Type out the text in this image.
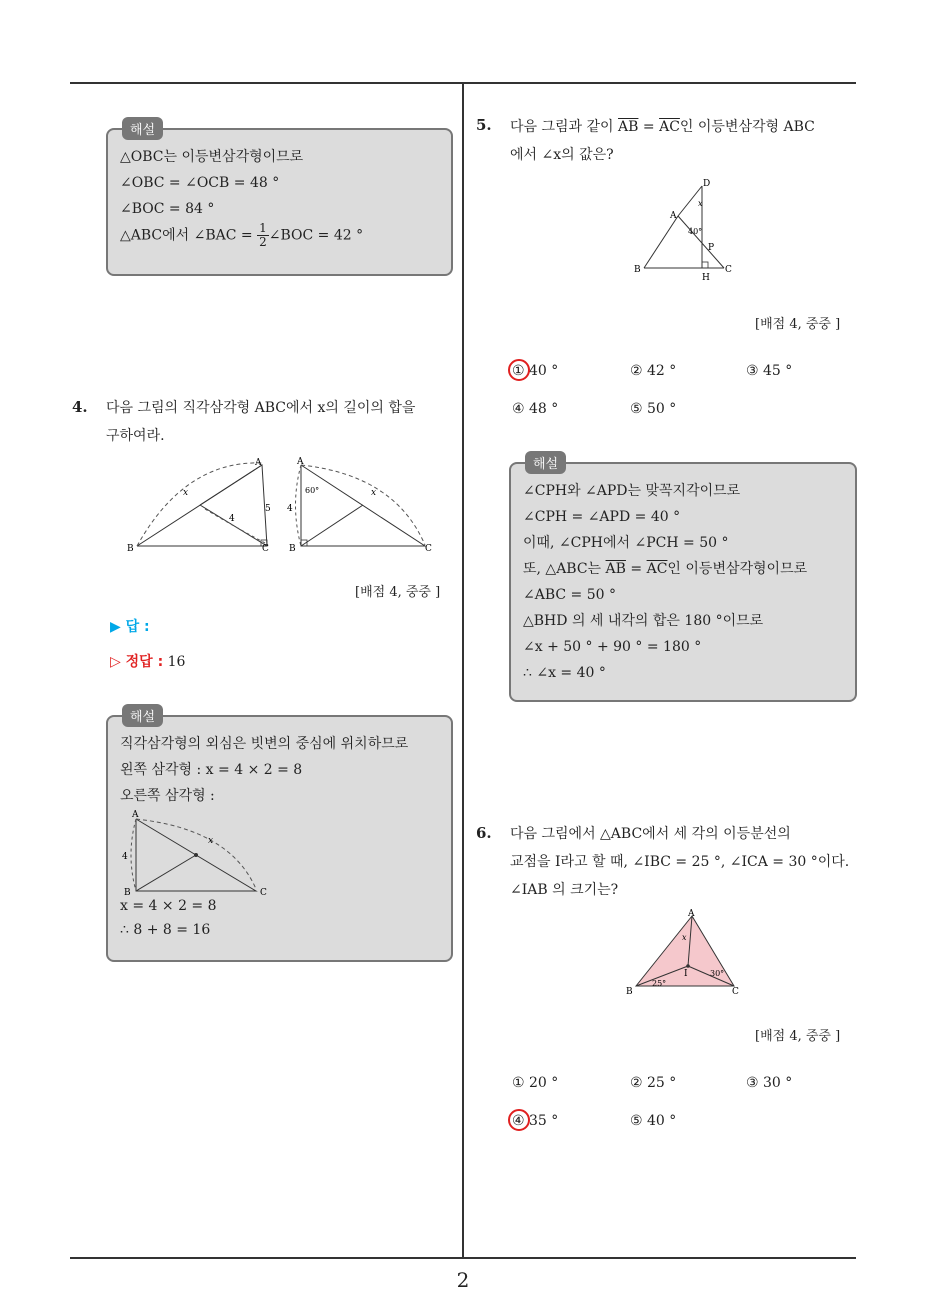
2
해설
△OBC는 이등변삼각형이므로
∠OBC = ∠OCB = 48 °
∠BOC = 84 °
△ABC에서 ∠BAC = $\frac{1}{2}$ ∠BOC = 42 °
4. 다음 그림의 직각삼각형 ABC에서 x의 길이의 합을
구하여라.
A
B	C
x
4
5
A
B	C
60°
4
x
[배점 4, 중중 ]
▶ 답 :
▷ 정답 : 16
해설
직각삼각형의 외심은 빗변의 중심에 위치하므로
왼쪽 삼각형 : x = 4 × 2 = 8
오른쪽 삼각형 :
A
B	C
4
x
x = 4 × 2 = 8
∴ 8 + 8 = 16
5. 다음 그림과 같이 $\overline{AB} = \overline{AC}$인 이등변삼각형 ABC
에서 ∠x의 값은?
D
A
B	C
H
P
x
40°
[배점 4, 중중 ]
① 40 °	② 42 °	③ 45 °
④ 48 °	⑤ 50 °
해설
∠CPH와 ∠APD는 맞꼭지각이므로
∠CPH = ∠APD = 40 °
이때, ∠CPH에서 ∠PCH = 50 °
또, △ABC는 $\overline{AB} = \overline{AC}$인 이등변삼각형이므로
∠ABC = 50 °
△BHD 의 세 내각의 합은 180 °이므로
∠x + 50 ° + 90 ° = 180 °
∴ ∠x = 40 °
6. 다음 그림에서 △ABC에서 세 각의 이등분선의
교점을 I라고 할 때, ∠IBC = 25 °, ∠ICA = 30 °이다.
∠IAB 의 크기는?
A
B	C
I
x
25°
30°
[배점 4, 중중 ]
① 20 °	② 25 °	③ 30 °
④ 35 °	⑤ 40 °
